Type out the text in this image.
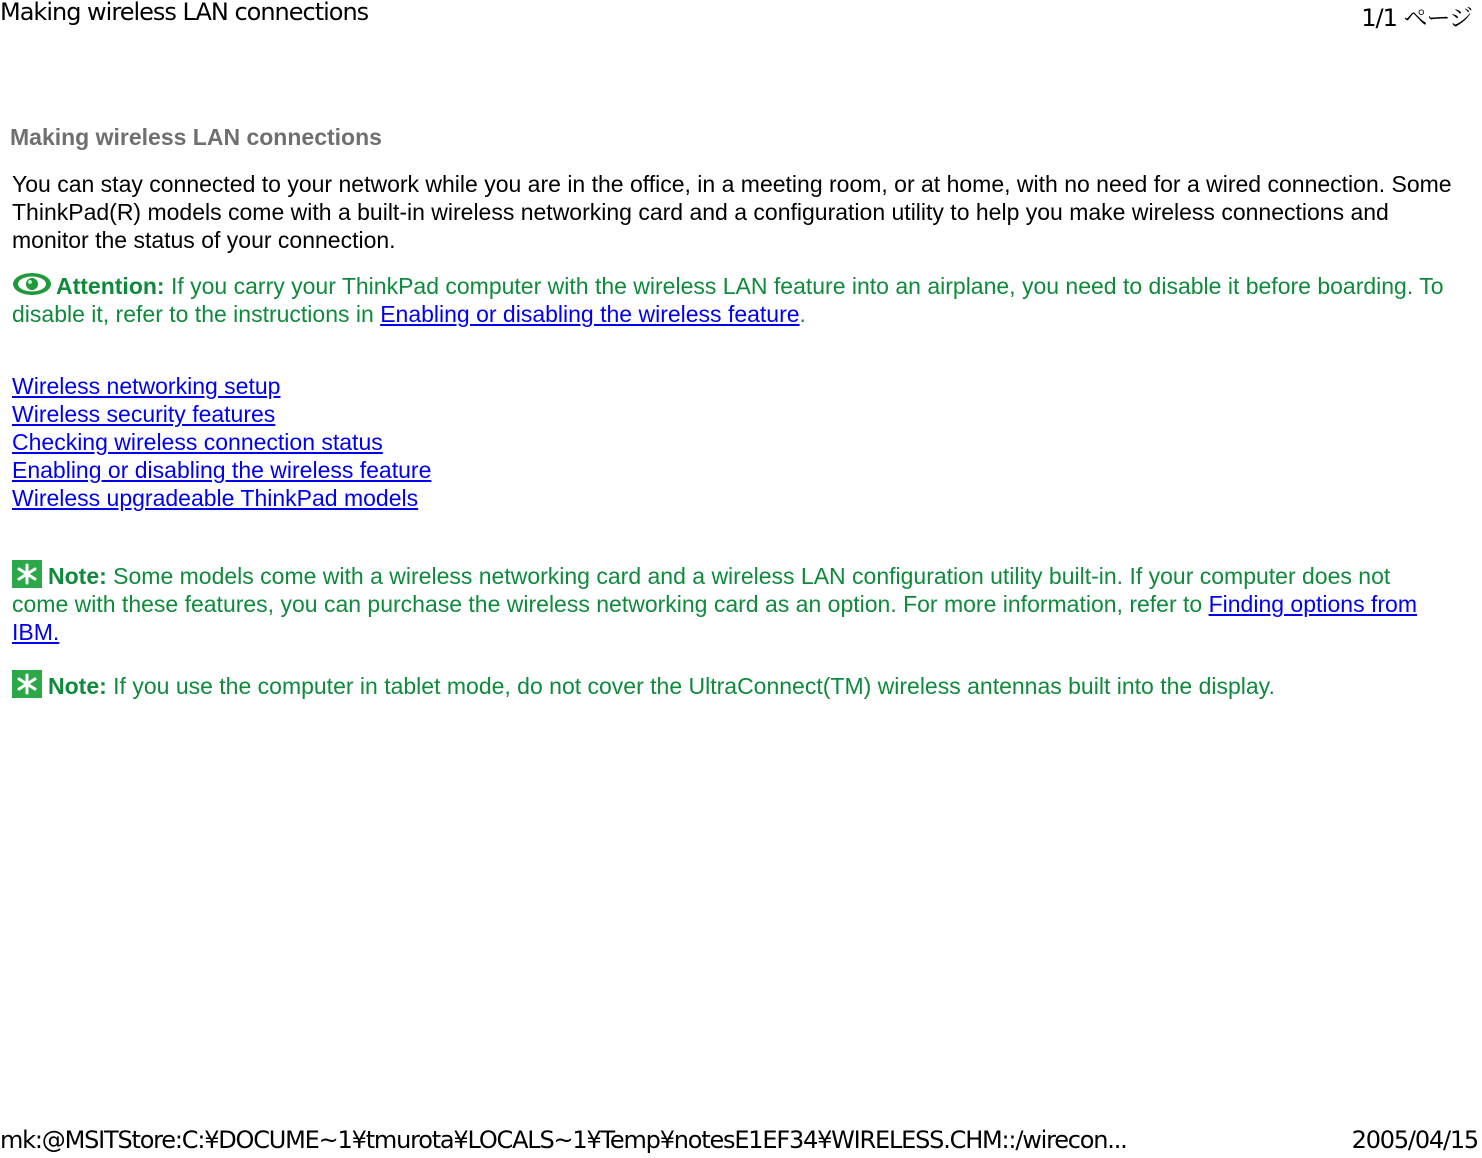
Making wireless LAN connections	1/1 ページ
Making wireless LAN connections

You can stay connected to your network while you are in the office, in a meeting room, or at home, with no need for a wired connection. Some ThinkPad(R) models come with a built-in wireless networking card and a configuration utility to help you make wireless connections and monitor the status of your connection.

Attention: If you carry your ThinkPad computer with the wireless LAN feature into an airplane, you need to disable it before boarding. To disable it, refer to the instructions in Enabling or disabling the wireless feature.

Wireless networking setup
Wireless security features
Checking wireless connection status
Enabling or disabling the wireless feature
Wireless upgradeable ThinkPad models

Note: Some models come with a wireless networking card and a wireless LAN configuration utility built-in. If your computer does not come with these features, you can purchase the wireless networking card as an option. For more information, refer to Finding options from IBM.

Note: If you use the computer in tablet mode, do not cover the UltraConnect(TM) wireless antennas built into the display.

mk:@MSITStore:C:¥DOCUME~1¥tmurota¥LOCALS~1¥Temp¥notesE1EF34¥WIRELESS.CHM::/wirecon...	2005/04/15
